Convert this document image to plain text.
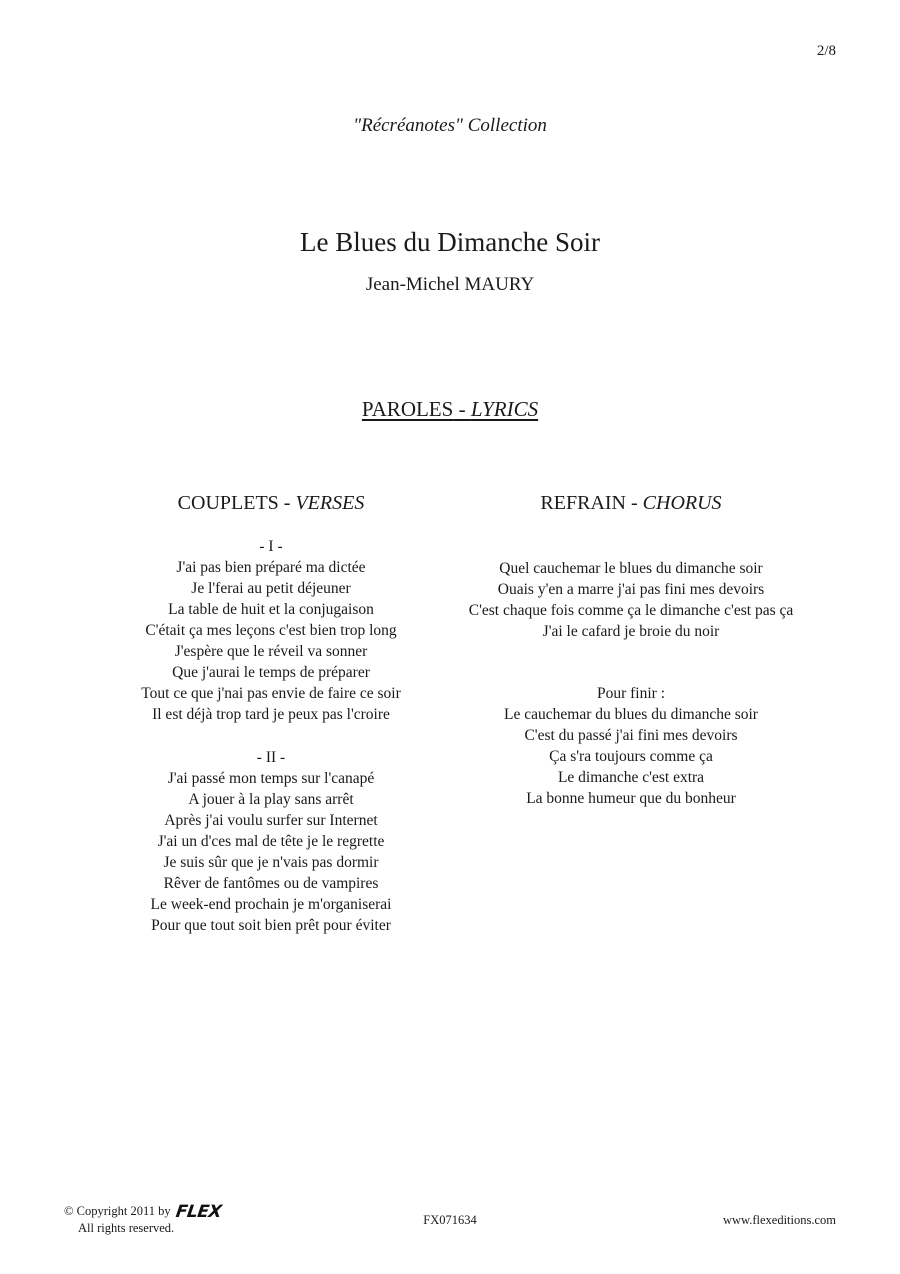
2/8
"Récréanotes" Collection
Le Blues du Dimanche Soir
Jean-Michel MAURY
PAROLES - LYRICS
COUPLETS - VERSES
- I -
J'ai pas bien préparé ma dictée
Je l'ferai au petit déjeuner
La table de huit et la conjugaison
C'était ça mes leçons c'est bien trop long
J'espère que le réveil va sonner
Que j'aurai le temps de préparer
Tout ce que j'nai pas envie de faire ce soir
Il est déjà trop tard je peux pas l'croire
- II -
J'ai passé mon temps sur l'canapé
A jouer à la play sans arrêt
Après j'ai voulu surfer sur Internet
J'ai un d'ces mal de tête je le regrette
Je suis sûr que je n'vais pas dormir
Rêver de fantômes ou de vampires
Le week-end prochain je m'organiserai
Pour que tout soit bien prêt pour éviter
REFRAIN - CHORUS
Quel cauchemar le blues du dimanche soir
Ouais y'en a marre j'ai pas fini mes devoirs
C'est chaque fois comme ça le dimanche c'est pas ça
J'ai le cafard je broie du noir
Pour finir :
Le cauchemar du blues du dimanche soir
C'est du passé j'ai fini mes devoirs
Ça s'ra toujours comme ça
Le dimanche c'est extra
La bonne humeur que du bonheur
© Copyright 2011 by FLEX
All rights reserved.
FX071634	www.flexeditions.com
